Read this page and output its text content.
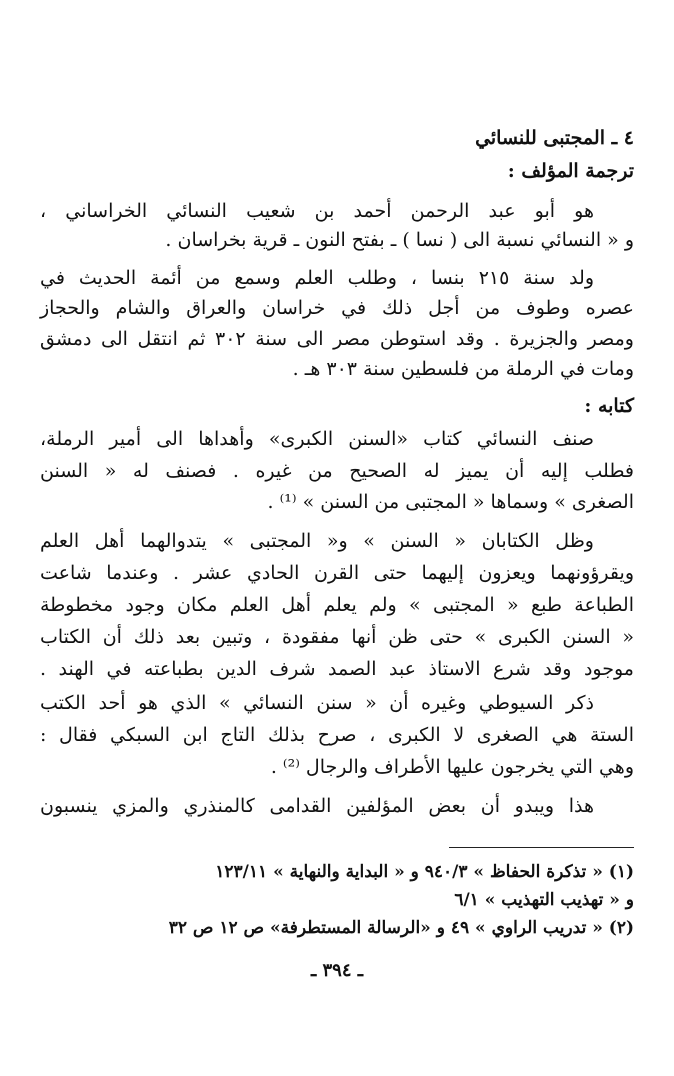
٤ ـ المجتبى للنسائي
ترجمة المؤلف :
هو أبو عبد الرحمن أحمد بن شعيب النسائي الخراساني ،
و « النسائي نسبة الى ( نسا ) ـ بفتح النون ـ قرية بخراسان .
ولد سنة ٢١٥ بنسا ، وطلب العلم وسمع من أئمة الحديث في
عصره وطوف من أجل ذلك في خراسان والعراق والشام والحجاز
ومصر والجزيرة . وقد استوطن مصر الى سنة ٣٠٢ ثم انتقل الى دمشق
ومات في الرملة من فلسطين سنة ٣٠٣ هـ .
كتابه :
صنف النسائي كتاب «السنن الكبرى» وأهداها الى أمير الرملة،
فطلب إليه أن يميز له الصحيح من غيره . فصنف له « السنن
الصغرى » وسماها « المجتبى من السنن » ⁽¹⁾ .
وظل الكتابان « السنن » و« المجتبى » يتدوالهما أهل العلم
ويقرؤونهما ويعزون إليهما حتى القرن الحادي عشر . وعندما شاعت
الطباعة طبع « المجتبى » ولم يعلم أهل العلم مكان وجود مخطوطة
« السنن الكبرى » حتى ظن أنها مفقودة ، وتبين بعد ذلك أن الكتاب
موجود وقد شرع الاستاذ عبد الصمد شرف الدين بطباعته في الهند .
ذكر السيوطي وغيره أن « سنن النسائي » الذي هو أحد الكتب
الستة هي الصغرى لا الكبرى ، صرح بذلك التاج ابن السبكي فقال :
وهي التي يخرجون عليها الأطراف والرجال ⁽²⁾ .
هذا ويبدو أن بعض المؤلفين القدامى كالمنذري والمزي ينسبون
(١) « تذكرة الحفاظ » ٩٤٠/٣ و « البداية والنهاية » ١٢٣/١١
و « تهذيب التهذيب » ٦/١
(٢) « تدريب الراوي » ٤٩ و «الرسالة المستطرفة» ص ١٢ ص ٣٢
ـ ٣٩٤ ـ
